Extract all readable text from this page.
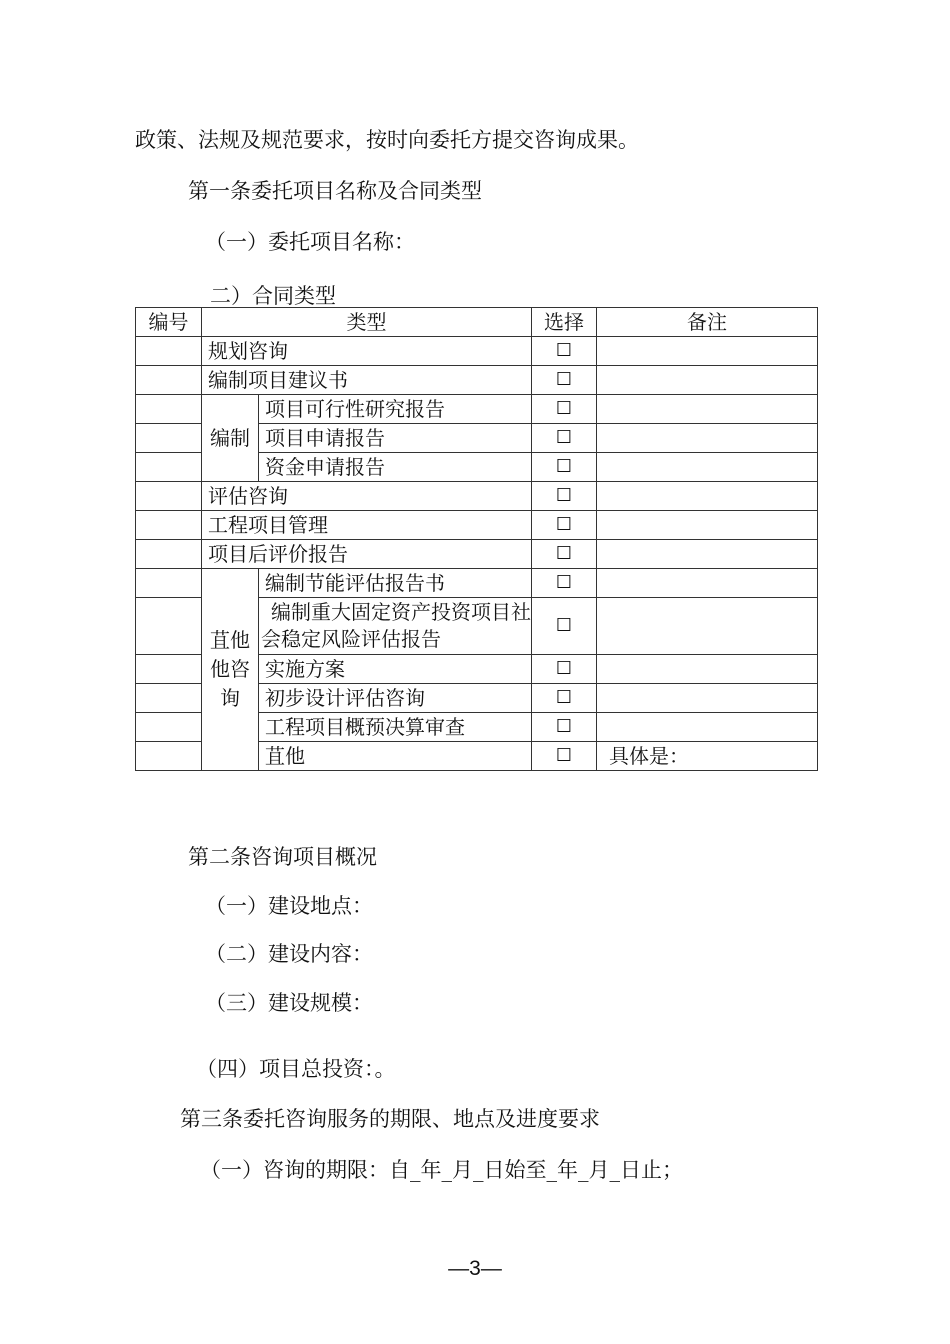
政策、法规及规范要求，按时向委托方提交咨询成果。
第一条委托项目名称及合同类型
（一）委托项目名称：
二）合同类型
编号	类型		选择	备注
	规划咨询		☐	
	编制项目建议书		☐	
	编制	项目可行性研究报告	☐	
		项目申请报告	☐	
		资金申请报告	☐	
	评估咨询		☐	
	工程项目管理		☐	
	项目后评价报告		☐	
	苴他他咨询	编制节能评估报告书	☐	
		编制重大固定资产投资项目社会稳定风险评估报告	☐	
		实施方案	☐	
		初步设计评估咨询	☐	
		工程项目概预决算审查	☐	
		苴他	☐	具体是：
第二条咨询项目概况
（一）建设地点：
（二）建设内容：
（三）建设规模：
（四）项目总投资：。
第三条委托咨询服务的期限、地点及进度要求
（一）咨询的期限：自_年_月_日始至_年_月_日止；
—3—
